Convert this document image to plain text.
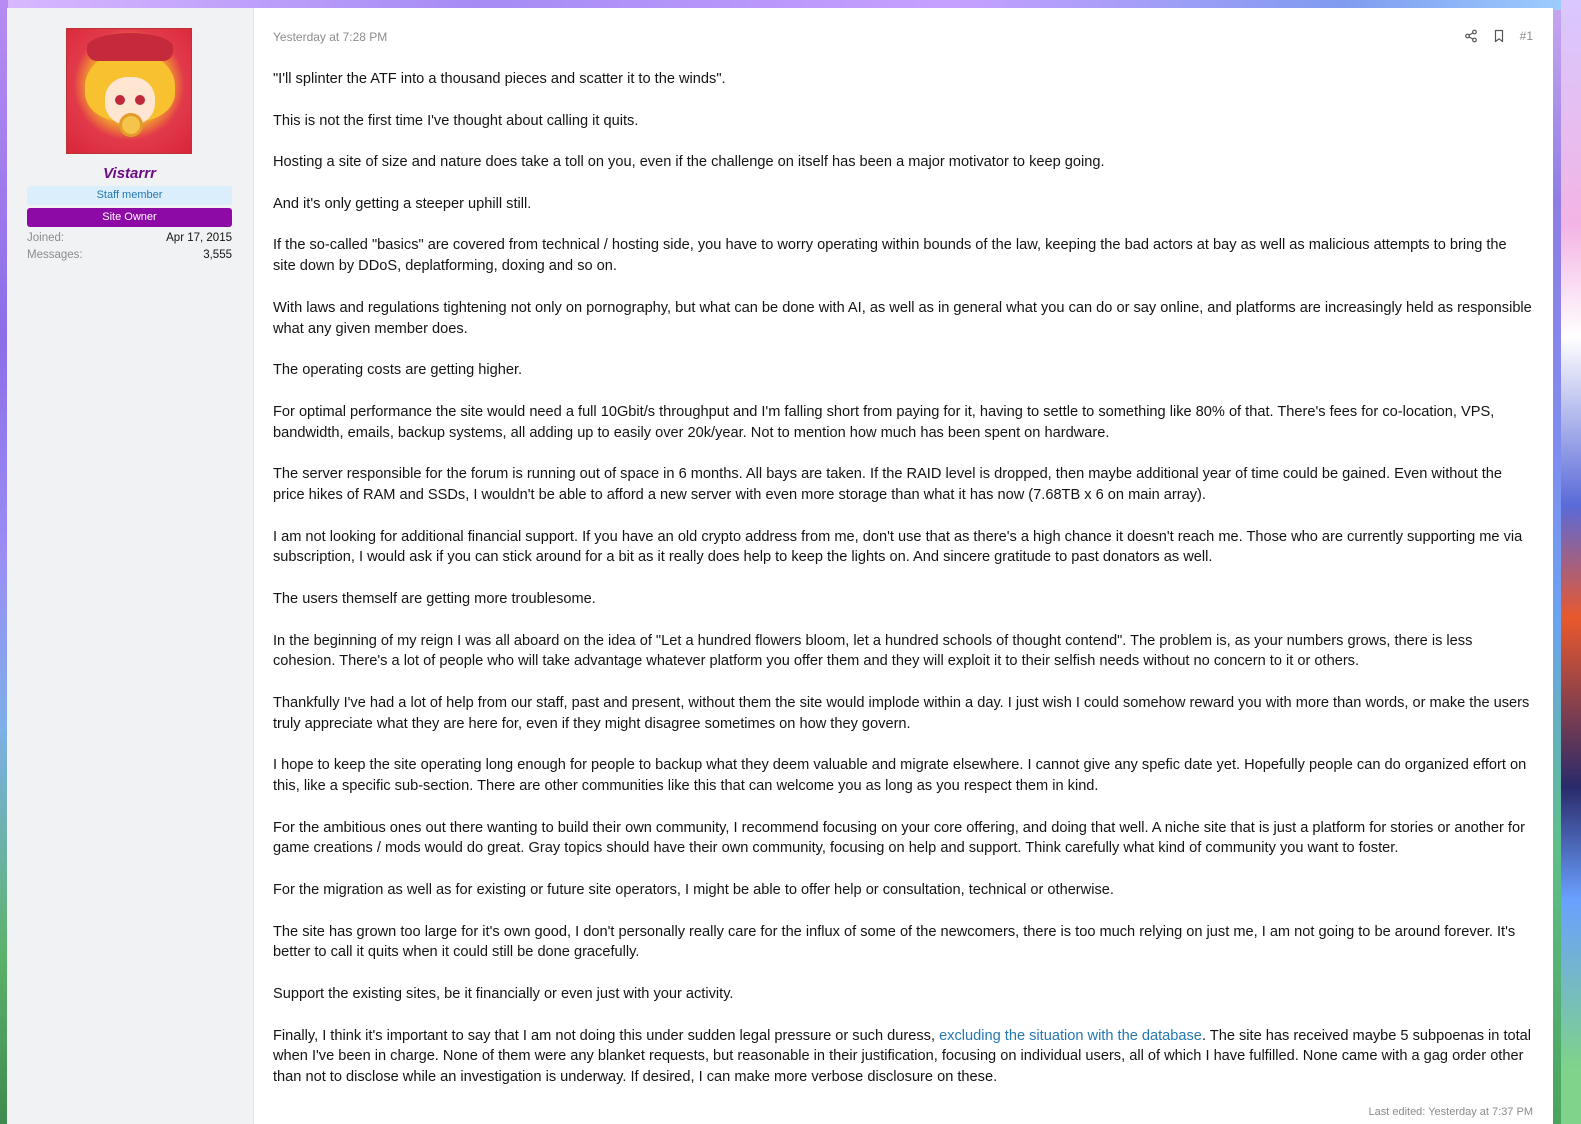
Vistarrr
Staff member
Site Owner
Joined:	Apr 17, 2015
Messages:	3,555
Yesterday at 7:28 PM	#1

"I'll splinter the ATF into a thousand pieces and scatter it to the winds".

This is not the first time I've thought about calling it quits.

Hosting a site of size and nature does take a toll on you, even if the challenge on itself has been a major motivator to keep going.

And it's only getting a steeper uphill still.

If the so-called "basics" are covered from technical / hosting side, you have to worry operating within bounds of the law, keeping the bad actors at bay as well as malicious attempts to bring the site down by DDoS, deplatforming, doxing and so on.

With laws and regulations tightening not only on pornography, but what can be done with AI, as well as in general what you can do or say online, and platforms are increasingly held as responsible what any given member does.

The operating costs are getting higher.

For optimal performance the site would need a full 10Gbit/s throughput and I'm falling short from paying for it, having to settle to something like 80% of that. There's fees for co-location, VPS, bandwidth, emails, backup systems, all adding up to easily over 20k/year. Not to mention how much has been spent on hardware.

The server responsible for the forum is running out of space in 6 months. All bays are taken. If the RAID level is dropped, then maybe additional year of time could be gained. Even without the price hikes of RAM and SSDs, I wouldn't be able to afford a new server with even more storage than what it has now (7.68TB x 6 on main array).

I am not looking for additional financial support. If you have an old crypto address from me, don't use that as there's a high chance it doesn't reach me. Those who are currently supporting me via subscription, I would ask if you can stick around for a bit as it really does help to keep the lights on. And sincere gratitude to past donators as well.

The users themself are getting more troublesome.

In the beginning of my reign I was all aboard on the idea of "Let a hundred flowers bloom, let a hundred schools of thought contend". The problem is, as your numbers grows, there is less cohesion. There's a lot of people who will take advantage whatever platform you offer them and they will exploit it to their selfish needs without no concern to it or others.

Thankfully I've had a lot of help from our staff, past and present, without them the site would implode within a day. I just wish I could somehow reward you with more than words, or make the users truly appreciate what they are here for, even if they might disagree sometimes on how they govern.

I hope to keep the site operating long enough for people to backup what they deem valuable and migrate elsewhere. I cannot give any spefic date yet. Hopefully people can do organized effort on this, like a specific sub-section. There are other communities like this that can welcome you as long as you respect them in kind.

For the ambitious ones out there wanting to build their own community, I recommend focusing on your core offering, and doing that well. A niche site that is just a platform for stories or another for game creations / mods would do great. Gray topics should have their own community, focusing on help and support. Think carefully what kind of community you want to foster.

For the migration as well as for existing or future site operators, I might be able to offer help or consultation, technical or otherwise.

The site has grown too large for it's own good, I don't personally really care for the influx of some of the newcomers, there is too much relying on just me, I am not going to be around forever. It's better to call it quits when it could still be done gracefully.

Support the existing sites, be it financially or even just with your activity.

Finally, I think it's important to say that I am not doing this under sudden legal pressure or such duress, excluding the situation with the database. The site has received maybe 5 subpoenas in total when I've been in charge. None of them were any blanket requests, but reasonable in their justification, focusing on individual users, all of which I have fulfilled. None came with a gag order other than not to disclose while an investigation is underway. If desired, I can make more verbose disclosure on these.

Last edited: Yesterday at 7:37 PM
